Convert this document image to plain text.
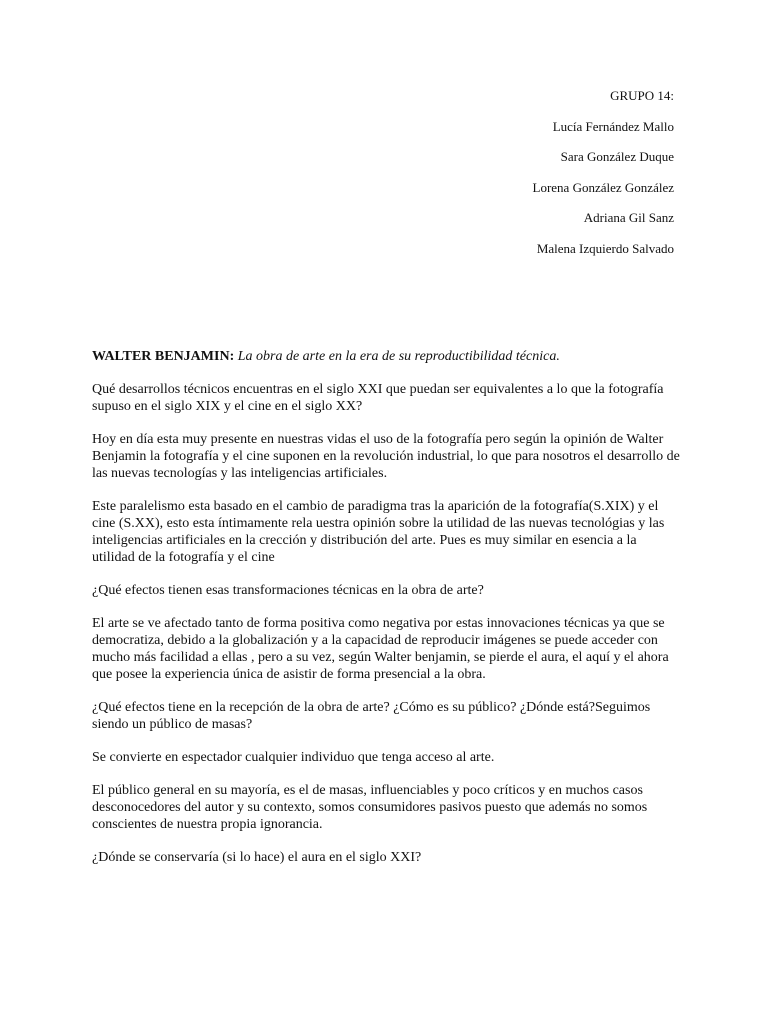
GRUPO 14:
Lucía Fernández Mallo
Sara González Duque
Lorena González González
Adriana Gil Sanz
Malena Izquierdo Salvado

WALTER BENJAMIN: La obra de arte en la era de su reproductibilidad técnica.

Qué desarrollos técnicos encuentras en el siglo XXI que puedan ser equivalentes a lo que la fotografía supuso en el siglo XIX y el cine en el siglo XX?

Hoy en día esta muy presente en nuestras vidas el uso de la fotografía pero según la opinión de Walter Benjamin la fotografía y el cine suponen en la revolución industrial, lo que para nosotros el desarrollo de las nuevas tecnologías y las inteligencias artificiales.

Este paralelismo esta basado en el cambio de paradigma tras la aparición de la fotografía(S.XIX) y el cine (S.XX), esto esta íntimamente rela uestra opinión sobre la utilidad de las nuevas tecnológias y las inteligencias artificiales en la crección y distribución del arte. Pues es muy similar en esencia a la utilidad de la fotografía y el cine

¿Qué efectos tienen esas transformaciones técnicas en la obra de arte?

El arte se ve afectado tanto de forma positiva como negativa por estas innovaciones técnicas ya que se democratiza, debido a la globalización y a la capacidad de reproducir imágenes se puede acceder con mucho más facilidad a ellas , pero a su vez, según Walter benjamin, se pierde el aura, el aquí y el ahora que posee la experiencia única de asistir de forma presencial a la obra.

¿Qué efectos tiene en la recepción de la obra de arte? ¿Cómo es su público? ¿Dónde está?Seguimos siendo un público de masas?

Se convierte en espectador cualquier individuo que tenga acceso al arte.

El público general en su mayoría, es el de masas, influenciables y poco críticos y en muchos casos desconocedores del autor y su contexto, somos consumidores pasivos puesto que además no somos conscientes de nuestra propia ignorancia.

¿Dónde se conservaría (si lo hace) el aura en el siglo XXI?
